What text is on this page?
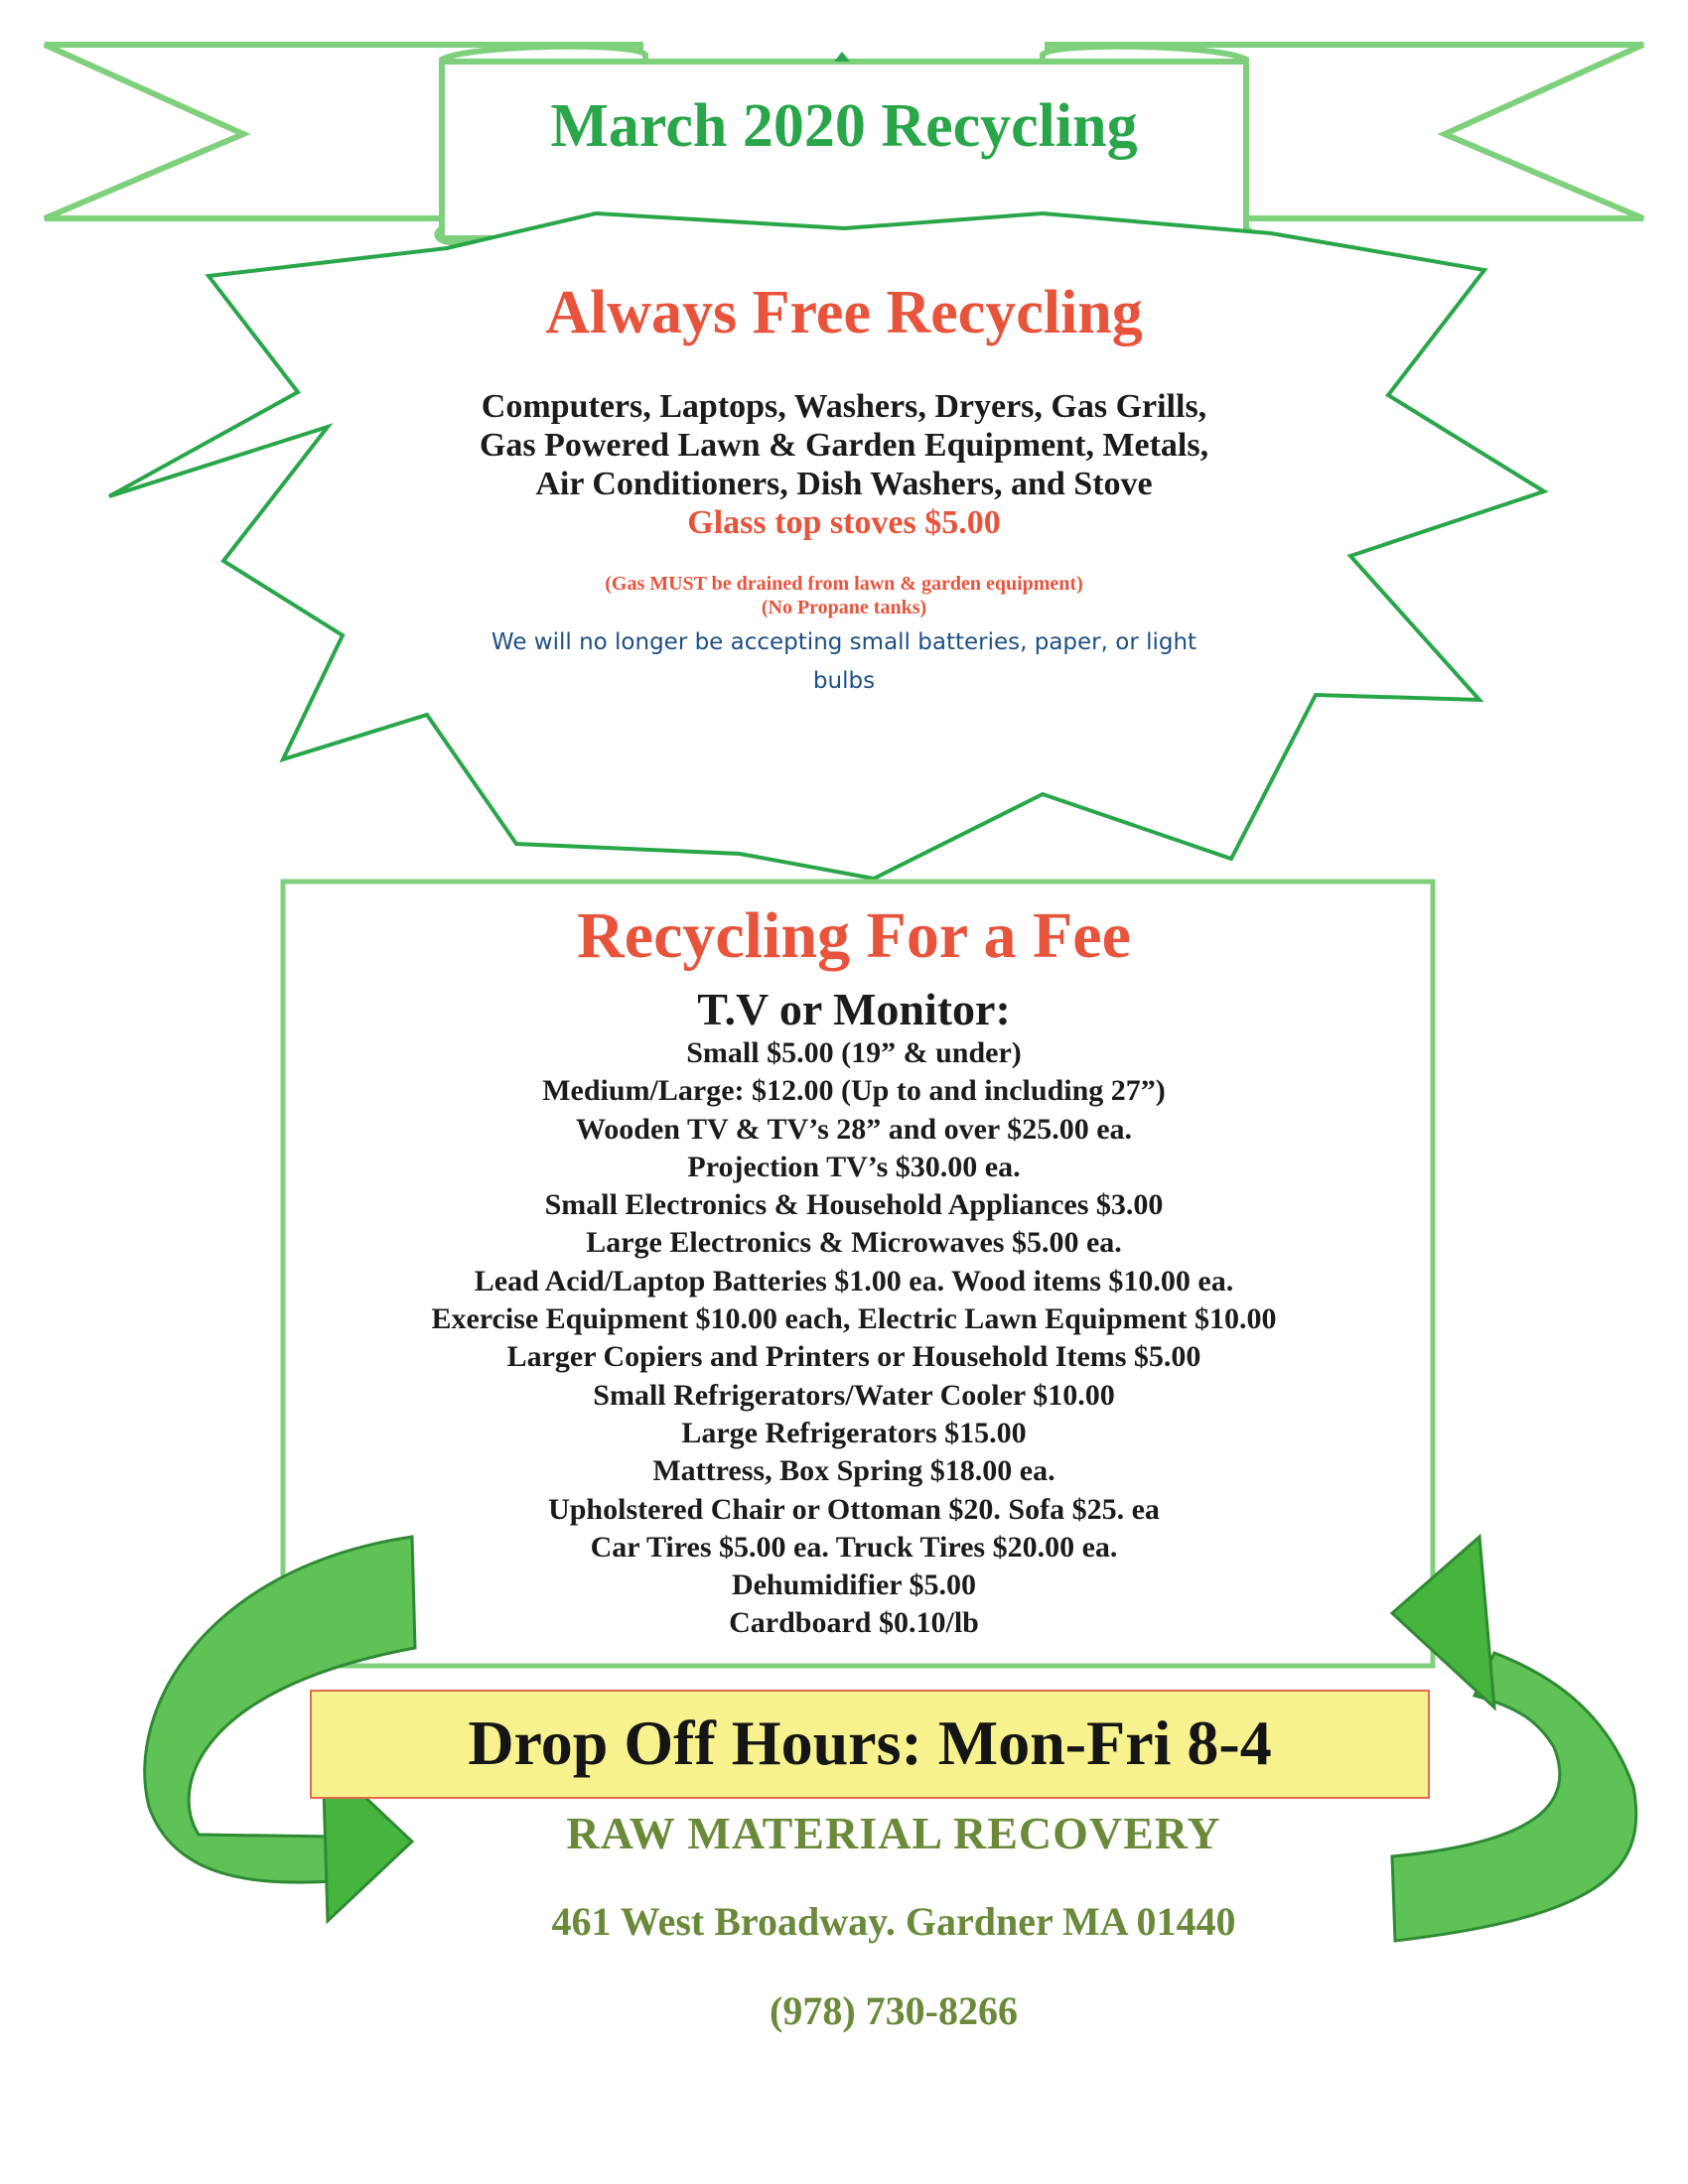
March 2020 Recycling
Always Free Recycling
Computers, Laptops, Washers, Dryers, Gas Grills,
Gas Powered Lawn & Garden Equipment, Metals,
Air Conditioners, Dish Washers, and Stove
Glass top stoves $5.00
(Gas MUST be drained from lawn & garden equipment)
(No Propane tanks)
We will no longer be accepting small batteries, paper, or light bulbs
Recycling For a Fee
T.V or Monitor:
Small $5.00 (19” & under)
Medium/Large: $12.00 (Up to and including 27”)
Wooden TV & TV’s 28” and over $25.00 ea.
Projection TV’s $30.00 ea.
Small Electronics & Household Appliances $3.00
Large Electronics & Microwaves $5.00 ea.
Lead Acid/Laptop Batteries $1.00 ea. Wood items $10.00 ea.
Exercise Equipment $10.00 each, Electric Lawn Equipment $10.00
Larger Copiers and Printers or Household Items $5.00
Small Refrigerators/Water Cooler $10.00
Large Refrigerators $15.00
Mattress, Box Spring $18.00 ea.
Upholstered Chair or Ottoman $20. Sofa $25. ea
Car Tires $5.00 ea. Truck Tires $20.00 ea.
Dehumidifier $5.00
Cardboard $0.10/lb
Drop Off Hours: Mon-Fri 8-4
RAW MATERIAL RECOVERY
461 West Broadway. Gardner MA 01440
(978) 730-8266
